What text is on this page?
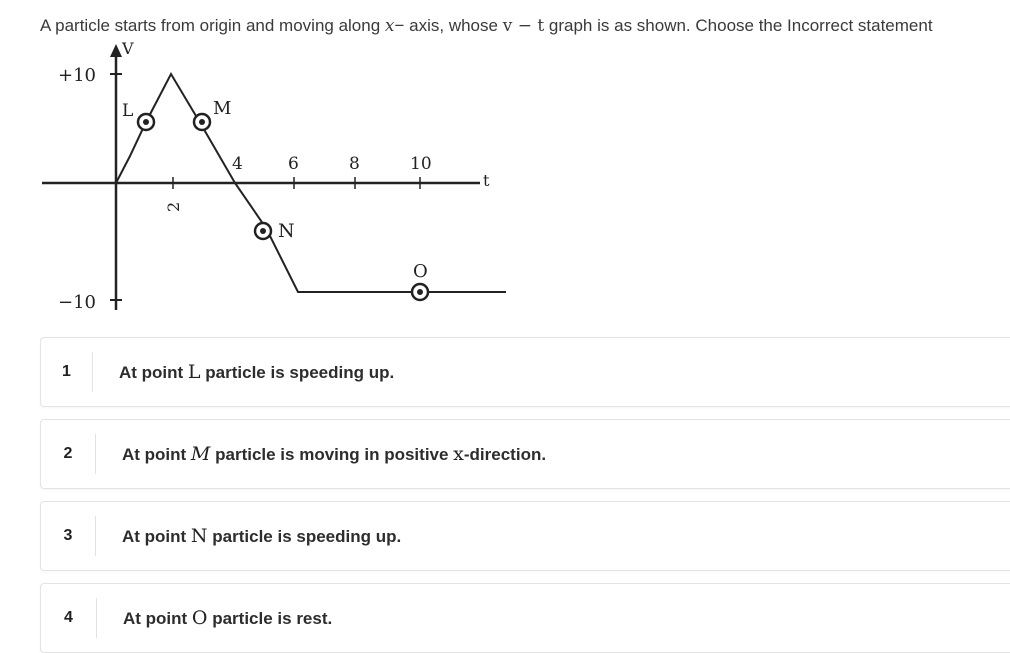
A particle starts from origin and moving along x− axis, whose v − t graph is as shown. Choose the Incorrect statement
V
t
+10
−10
2
4	6	8	10
L	M
N
O
1	At point L particle is speeding up.
2	At point M particle is moving in positive x-direction.
3	At point N particle is speeding up.
4	At point O particle is rest.
